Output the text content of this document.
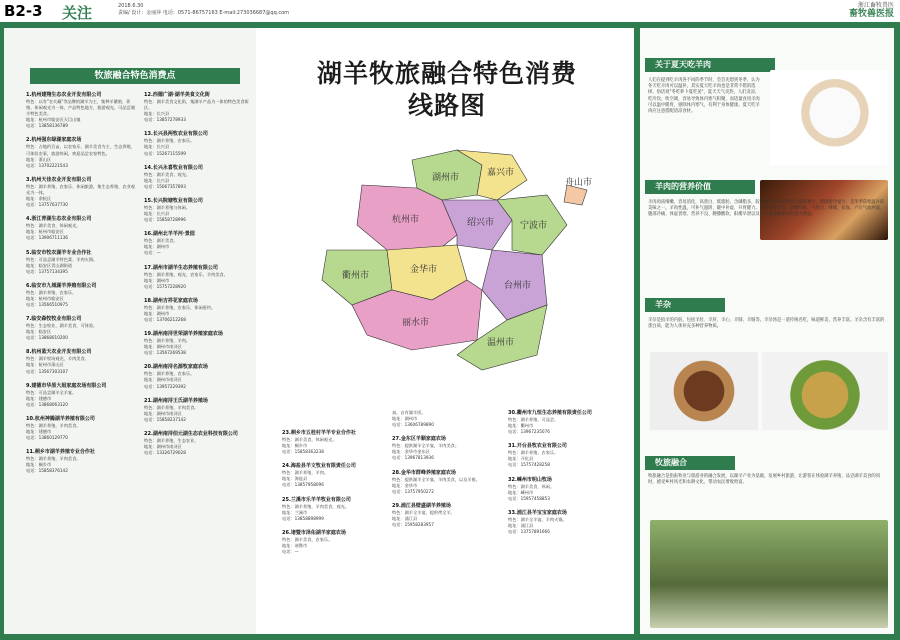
B2-3 关注	2018.6.30
责编/ 设计：金丽萍 电话：0571-86757163 E-mail:273036687@qq.com
浙江畜牧兽医
畜牧兽医报
牧旅融合特色消费点	湖羊牧旅融合特色消费
线路图
湖州市	嘉兴市
杭州市	绍兴市	宁波市
舟山市
衢州市
金华市
台州市
丽水市
温州市
1.杭州建翔生态农业开发有限公司
特色：以有"农夫藏"等品牌的湖羊为主，集种羊繁殖、养殖、休闲观光为一体，产品特色地方，旅游观光，可品尝湖羊特色美食。
地址：杭州市临安区天目山镇
电话：13858136789
2.杭州强东绿湖家庭农场
特色：占地约百亩，以农家乐、湖羊美食为主，生态养殖，可体验农事，旅游休闲，欢迎品尝农家特色。
地址：萧山区
电话：13702221543
3.杭州天佳农业开发有限公司
特色：湖羊养殖、农家乐、休闲旅游，集生态养殖、农业观光为一体。
地址：余杭区
电话：13757637730
4.浙江青湖生态农业有限公司
特色：湖羊美食，休闲观光。
地址：杭州市临安区
电话：13906711136
5.临安市牧农湖羊专业合作社
特色：可品尝湖羊特色菜、羊肉火锅。
地址：临安区青山湖街道
电话：13757134395
6.临安市九城湖羊养殖有限公司
特色：湖羊养殖、农家乐。
地址：杭州市临安区
电话：13566510975
7.临安森牧牧业有限公司
特色：生态牧业，湖羊美食，可体验。
地址：临安区
电话：13868010200
8.杭州蓝天农业开发有限公司
特色：湖羊牧场观光、羊肉美食。
地址：杭州市萧山区
电话：13567303107
9.建德市华原大姐家庭农场有限公司
特色：可品尝湖羊全羊宴。
地址：建德市
电话：13868063120
10.杭州神腾湖羊养殖有限公司
特色：湖羊养殖，羊肉美食。
地址：建德市
电话：13860129770
11.桐乡市湖羊养殖专业合作社
特色：湖羊养殖，羊肉美食。
地址：桐乡市
电话：15858376142
12.西德广湖·湖羊美食文化街
特色：湖羊美食文化街，集湖羊产品为一体的特色美食街区。
地址：长兴县
电话：13857278933
13.长兴县两牧农业有限公司
特色：湖羊养殖，农家乐。
地址：长兴县
电话：15267115599
14.长兴永喜牧业有限公司
特色：湖羊美食、观光。
地址：长兴县
电话：15067357893
15.长兴院塘牧业有限公司
特色：湖羊养殖与休闲。
地址：长兴县
电话：15858728996
16.湖州北羊羊河·景园
特色：湖羊美食。
地址：湖州市
电话：—
17.湖州市湖羊生态养殖有限公司
特色：湖羊养殖，观光，农家乐，羊肉美食。
地址：湖州市
电话：15757228920
18.湖州吉祥花家庭农场
特色：湖羊养殖，农家乐，休闲垂钓。
地址：湖州市
电话：13706212268
19.湖州南浔世荣湖羊养殖家庭农场
特色：湖羊养殖，羊肉。
地址：湖州市南浔区
电话：13567269538
20.湖州南浔名源牧家庭农场
特色：湖羊养殖，农家乐。
地址：湖州市南浔区
电话：13957229392
21.湖州南浔王氏湖羊养殖场
特色：湖羊养殖，羊肉美食。
地址：湖州市南浔区
电话：15858237142
22.湖州南浔佰元湖生态农业科技有限公司
特色：湖羊养殖，生态农业。
地址：湖州市南浔区
电话：13326729028
23.桐乡市五桂村羊羊专业合作社
特色：湖羊美食，休闲观光。
地址：桐乡市
电话：15858363238
24.海盐县羊文牧业有限责任公司
特色：湖羊养殖，羊肉。
地址：海盐县
电话：13857958096
25.兰溪市乐羊羊牧业有限公司
特色：湖羊养殖，羊肉美食，观光。
地址：兰溪市
电话：13858898999
26.诸暨市泽佑湖羊家庭农场
特色：湖羊美食，农家乐。
地址：诸暨市
电话：—
真，自有湖羊饭。
地址：湖州市
电话：13606789890
27.金东区羊顺家庭农场
特色：提供湖羊全羊宴，羊肉美食。
地址：金华市金东区
电话：13967813936
28.金华市群峰养殖家庭农场
特色：提供湖羊全羊宴，羊肉美食，以及羊排。
地址：金华市
电话：13757950272
29.浦江县壁盛湖羊养殖场
特色：湖羊全羊宴，提供烤全羊。
地址：浦江县
电话：15958283957
30.衢州市九恒生态养殖有限责任公司
特色：湖羊养殖，可品尝。
地址：衢州市
电话：13967235076
31.开台县牧农业有限公司
特色：湖羊养殖，农家乐。
地址：开化县
电话：15757428258
32.嵊州市明山牧场
特色：湖羊美食，休闲。
地址：嵊州市
电话：15957458853
33.浦江县羊宝宝家庭农场
特色：湖羊全羊宴，羊肉火锅。
地址：浦江县
电话：13757891666
关于夏天吃羊肉
人们在提到吃羊肉各不同的季节时，会首先想到冬季，认为冬天吃羊肉可以温补，其实夏天吃羊肉也是非常不错的选择。俗话说"冬吃萝卜夏吃姜"，夏天天气炎热，人们贪凉，吃冷饮，吹空调，容易导致体内寒气积聚，而适量食用羊肉可以温中暖胃，驱除体内寒气，有利于身体健康。夏天吃羊肉应注意搭配清凉食材。
羊肉的营养价值
羊肉肉质细嫩，容易消化，高蛋白、低脂肪，含磷脂多，较猪肉和牛肉的脂肪含量都要少，胆固醇含量少，是冬季防寒温补的美味之一。羊肉性温，可补气滋阴、暖中补虚、开胃健力。羊肉营养丰富，对肺结核、气管炎、哮喘、贫血、产后气血两虚、腹部冷痛、体虚畏寒、营养不良、腰膝酸软、阳痿早泄以及一切虚寒病症均有很大裨益。
羊杂
羊杂是指羊的内脏，包括羊肚、羊肝、羊心、羊肺、羊肠等。羊杂汤是一道传统名吃，味道鲜美，营养丰富。羊杂含有丰富的蛋白质，能为人体补充多种营养物质。
牧旅融合
牧旅融合是指畜牧业与旅游业的融合发展，以湖羊产业为基础，发展乡村旅游，让游客在体验湖羊养殖、品尝湖羊美食的同时，感受乡村风光和农耕文化，带动农民增收致富。
